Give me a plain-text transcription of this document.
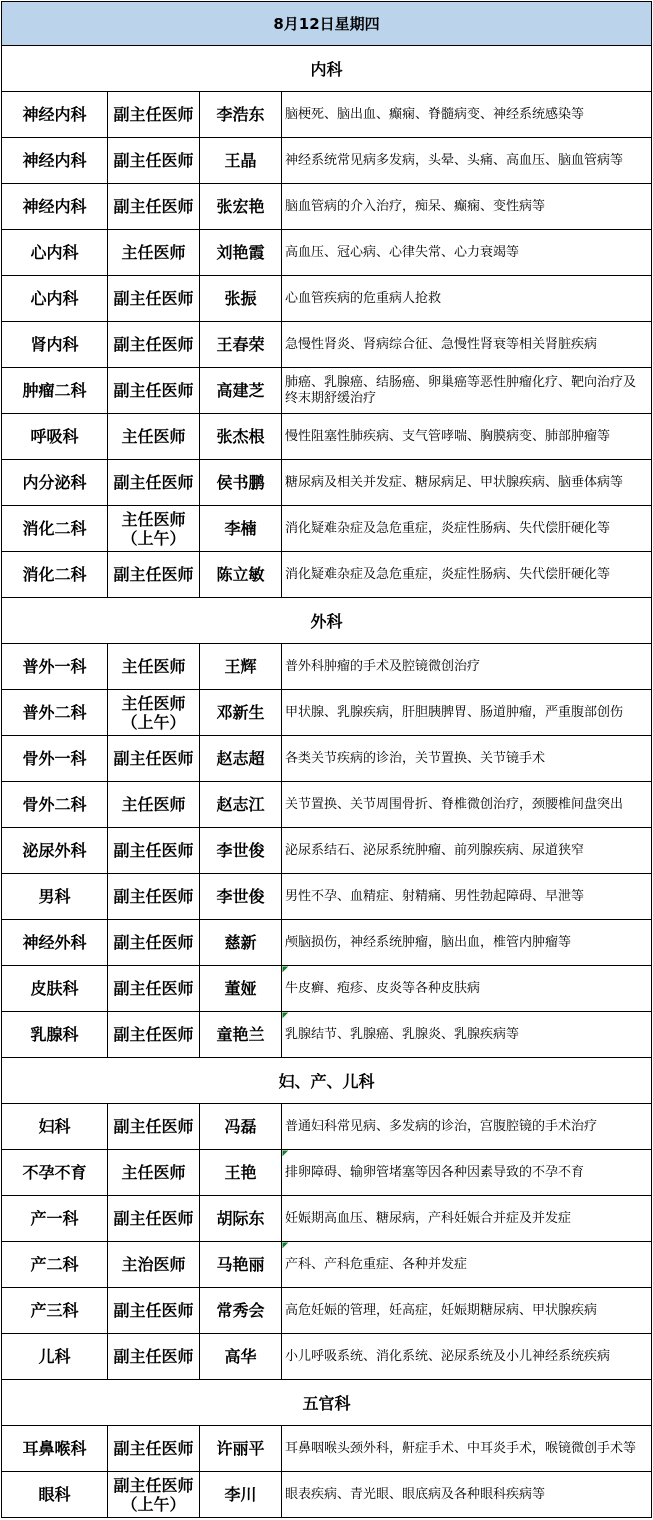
8月12日星期四			
内科			
神经内科	副主任医师	李浩东	脑梗死、脑出血、癫痫、脊髓病变、神经系统感染等
神经内科	副主任医师	王晶	神经系统常见病多发病，头晕、头痛、高血压、脑血管病等
神经内科	副主任医师	张宏艳	脑血管病的介入治疗，痴呆、癫痫、变性病等
心内科	主任医师	刘艳霞	高血压、冠心病、心律失常、心力衰竭等
心内科	副主任医师	张振	心血管疾病的危重病人抢救
肾内科	副主任医师	王春荣	急慢性肾炎、肾病综合征、急慢性肾衰等相关肾脏疾病
肿瘤二科	副主任医师	高建芝	肺癌、乳腺癌、结肠癌、卵巢癌等恶性肿瘤化疗、靶向治疗及终末期舒缓治疗
呼吸科	主任医师	张杰根	慢性阻塞性肺疾病、支气管哮喘、胸膜病变、肺部肿瘤等
内分泌科	副主任医师	侯书鹏	糖尿病及相关并发症、糖尿病足、甲状腺疾病、脑垂体病等
消化二科	主任医师（上午）	李楠	消化疑难杂症及急危重症，炎症性肠病、失代偿肝硬化等
消化二科	副主任医师	陈立敏	消化疑难杂症及急危重症，炎症性肠病、失代偿肝硬化等
外科			
普外一科	主任医师	王辉	普外科肿瘤的手术及腔镜微创治疗
普外二科	主任医师（上午）	邓新生	甲状腺、乳腺疾病，肝胆胰脾胃、肠道肿瘤，严重腹部创伤
骨外一科	副主任医师	赵志超	各类关节疾病的诊治，关节置换、关节镜手术
骨外二科	主任医师	赵志江	关节置换、关节周围骨折、脊椎微创治疗，颈腰椎间盘突出
泌尿外科	副主任医师	李世俊	泌尿系结石、泌尿系统肿瘤、前列腺疾病、尿道狭窄
男科	副主任医师	李世俊	男性不孕、血精症、射精痛、男性勃起障碍、早泄等
神经外科	副主任医师	慈新	颅脑损伤，神经系统肿瘤，脑出血，椎管内肿瘤等
皮肤科	副主任医师	董娅	牛皮癣、疱疹、皮炎等各种皮肤病
乳腺科	副主任医师	童艳兰	乳腺结节、乳腺癌、乳腺炎、乳腺疾病等
妇、产、儿科			
妇科	副主任医师	冯磊	普通妇科常见病、多发病的诊治，宫腹腔镜的手术治疗
不孕不育	主任医师	王艳	排卵障碍、输卵管堵塞等因各种因素导致的不孕不育
产一科	副主任医师	胡际东	妊娠期高血压、糖尿病，产科妊娠合并症及并发症
产二科	主治医师	马艳丽	产科、产科危重症、各种并发症
产三科	副主任医师	常秀会	高危妊娠的管理，妊高症，妊娠期糖尿病、甲状腺疾病
儿科	副主任医师	高华	小儿呼吸系统、消化系统、泌尿系统及小儿神经系统疾病
五官科			
耳鼻喉科	副主任医师	许丽平	耳鼻咽喉头颈外科，鼾症手术、中耳炎手术，喉镜微创手术等
眼科	副主任医师（上午）	李川	眼表疾病、青光眼、眼底病及各种眼科疾病等
